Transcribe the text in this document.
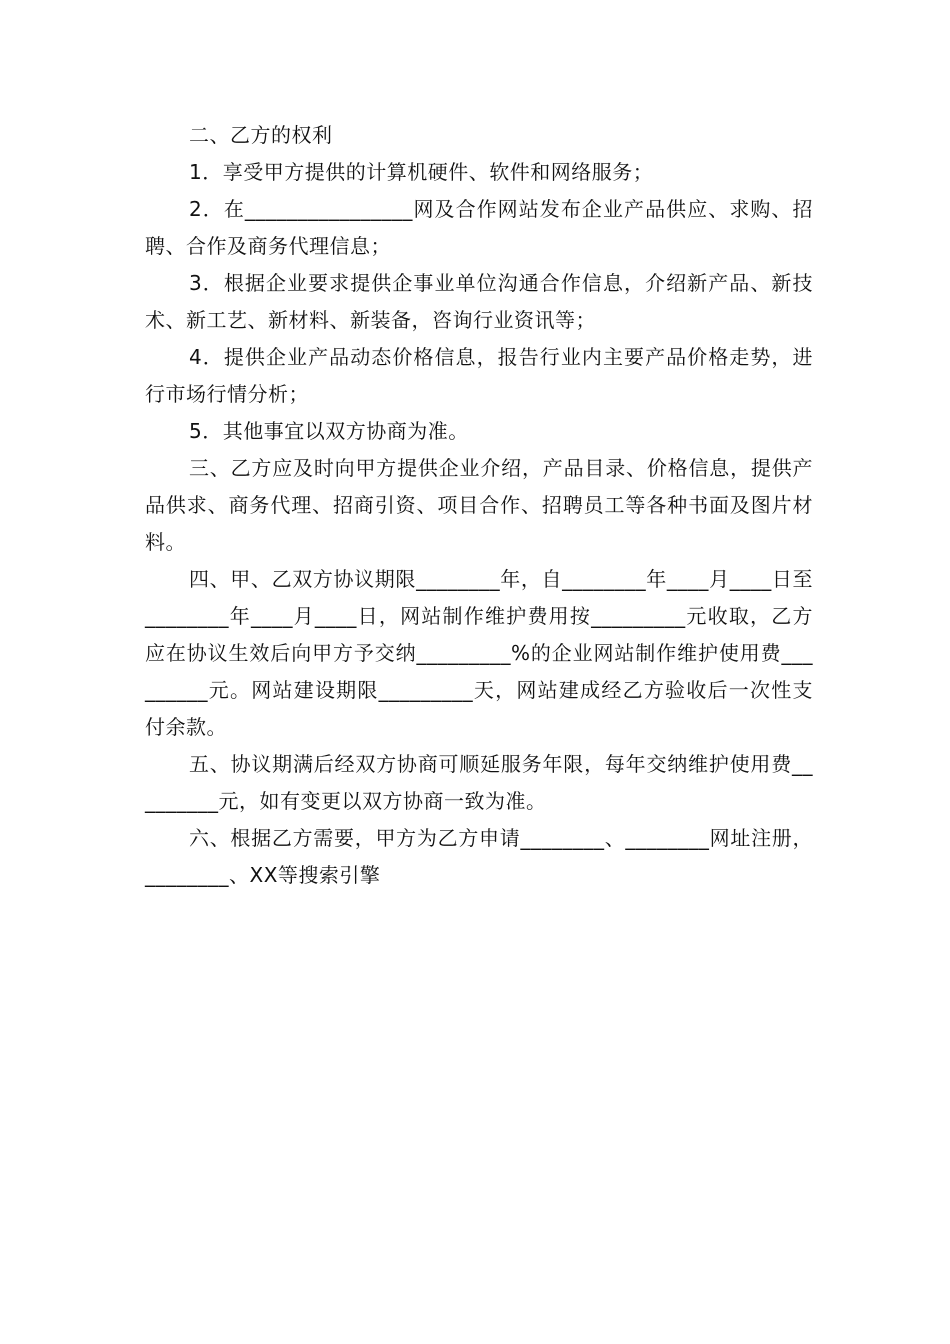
二、乙方的权利

1．享受甲方提供的计算机硬件、软件和网络服务；

2．在________________网及合作网站发布企业产品供应、求购、招聘、合作及商务代理信息；

3．根据企业要求提供企事业单位沟通合作信息，介绍新产品、新技术、新工艺、新材料、新装备，咨询行业资讯等；

4．提供企业产品动态价格信息，报告行业内主要产品价格走势，进行市场行情分析；

5．其他事宜以双方协商为准。

三、乙方应及时向甲方提供企业介绍，产品目录、价格信息，提供产品供求、商务代理、招商引资、项目合作、招聘员工等各种书面及图片材料。

四、甲、乙双方协议期限________年，自________年____月____日至________年____月____日，网站制作维护费用按_________元收取，乙方应在协议生效后向甲方予交纳_________%的企业网站制作维护使用费_________元。网站建设期限_________天，网站建成经乙方验收后一次性支付余款。

五、协议期满后经双方协商可顺延服务年限，每年交纳维护使用费_________元，如有变更以双方协商一致为准。

六、根据乙方需要，甲方为乙方申请________、________网址注册，________、XX等搜索引擎
